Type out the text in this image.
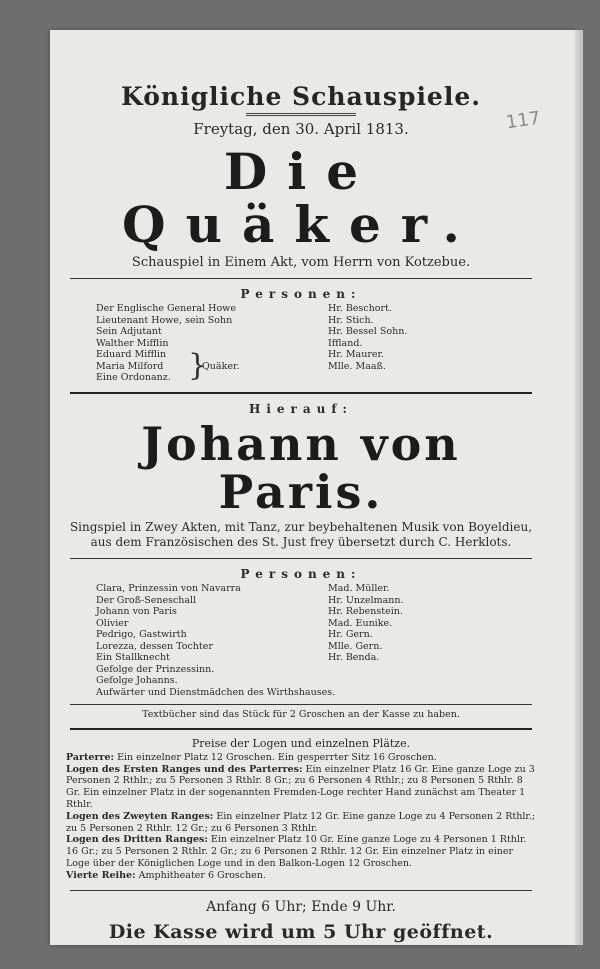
117
Königliche Schauspiele.
Freytag, den 30. April 1813.
Die Quäker.
Schauspiel in Einem Akt, vom Herrn von Kotzebue.
Personen:
}
Quäker.
Der Englische General Howe	Hr. Beschort.
Lieutenant Howe, sein Sohn	Hr. Stich.
Sein Adjutant	Hr. Bessel Sohn.
Walther Mifflin	Iffland.
Eduard Mifflin	Hr. Maurer.
Maria Milford	Mlle. Maaß.
Eine Ordonanz.
Hierauf:
Johann von Paris.
Singspiel in Zwey Akten, mit Tanz, zur beybehaltenen Musik von Boyeldieu,
aus dem Französischen des St. Just frey übersetzt durch C. Herklots.
Personen:
Clara, Prinzessin von Navarra	Mad. Müller.
Der Groß-Seneschall	Hr. Unzelmann.
Johann von Paris	Hr. Rebenstein.
Olivier	Mad. Eunike.
Pedrigo, Gastwirth	Hr. Gern.
Lorezza, dessen Tochter	Mlle. Gern.
Ein Stallknecht	Hr. Benda.
Gefolge der Prinzessinn.
Gefolge Johanns.
Aufwärter und Dienstmädchen des Wirthshauses.
Textbücher sind das Stück für 2 Groschen an der Kasse zu haben.
Preise der Logen und einzelnen Plätze.
Parterre: Ein einzelner Platz 12 Groschen. Ein gesperrter Sitz 16 Groschen.
Logen des Ersten Ranges und des Parterres: Ein einzelner Platz 16 Gr. Eine ganze Loge zu 3 Personen 2 Rthlr.; zu 5 Personen 3 Rthlr. 8 Gr.; zu 6 Personen 4 Rthlr.; zu 8 Personen 5 Rthlr. 8 Gr. Ein einzelner Platz in der sogenannten Fremden-Loge rechter Hand zunächst am Theater 1 Rthlr.
Logen des Zweyten Ranges: Ein einzelner Platz 12 Gr. Eine ganze Loge zu 4 Personen 2 Rthlr.; zu 5 Personen 2 Rthlr. 12 Gr.; zu 6 Personen 3 Rthlr.
Logen des Dritten Ranges: Ein einzelner Platz 10 Gr. Eine ganze Loge zu 4 Personen 1 Rthlr. 16 Gr.; zu 5 Personen 2 Rthlr. 2 Gr.; zu 6 Personen 2 Rthlr. 12 Gr. Ein einzelner Platz in einer Loge über der Königlichen Loge und in den Balkon-Logen 12 Groschen.
Vierte Reihe: Amphitheater 6 Groschen.
Anfang 6 Uhr; Ende 9 Uhr.
Die Kasse wird um 5 Uhr geöffnet.
